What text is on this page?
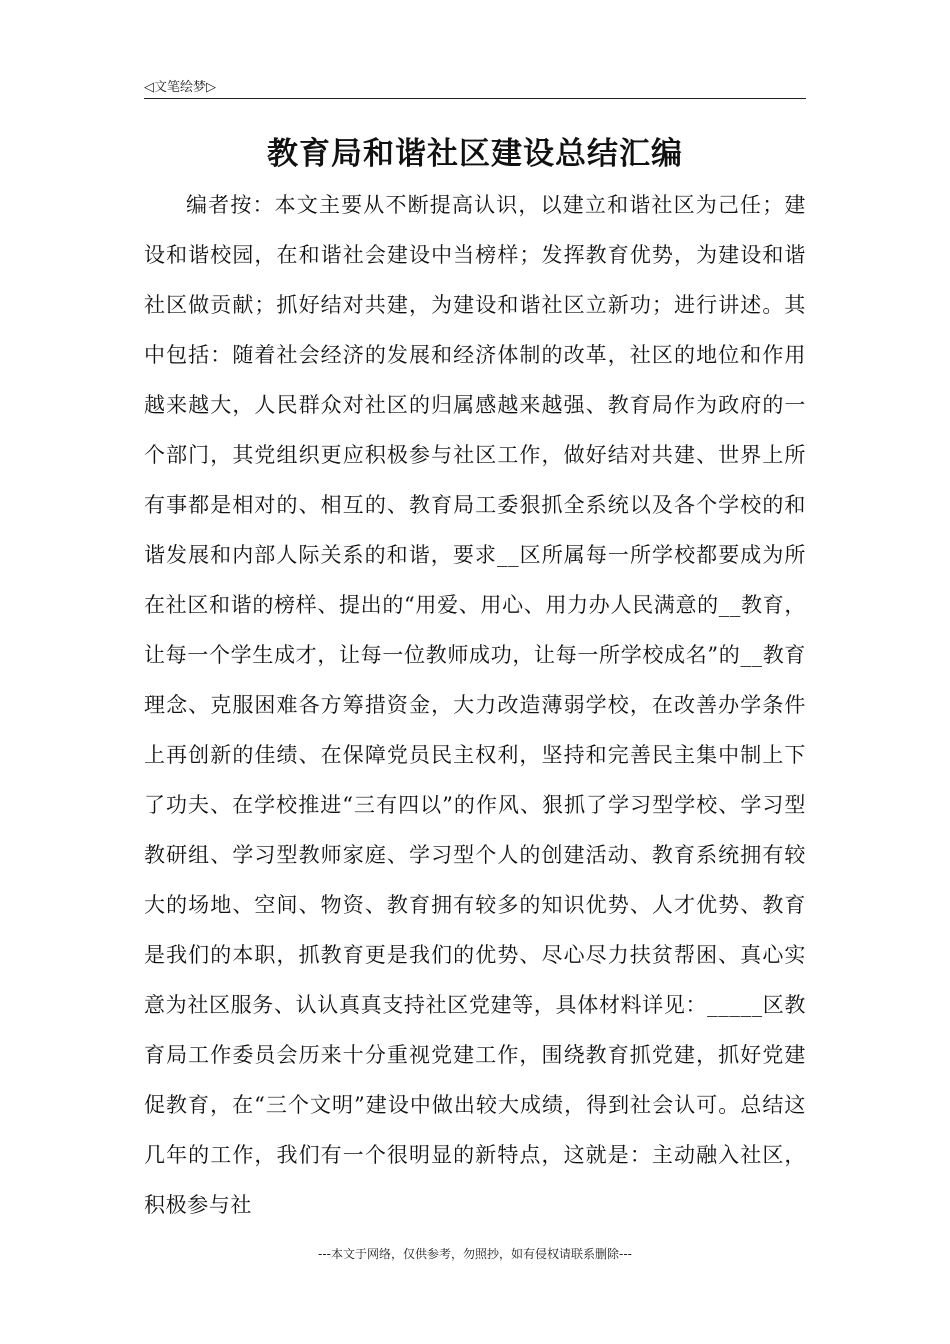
◁文笔绘梦▷
教育局和谐社区建设总结汇编

编者按：本文主要从不断提高认识，以建立和谐社区为己任；建设和谐校园，在和谐社会建设中当榜样；发挥教育优势，为建设和谐社区做贡献；抓好结对共建，为建设和谐社区立新功；进行讲述。其中包括：随着社会经济的发展和经济体制的改革，社区的地位和作用越来越大，人民群众对社区的归属感越来越强、教育局作为政府的一个部门，其党组织更应积极参与社区工作，做好结对共建、世界上所有事都是相对的、相互的、教育局工委狠抓全系统以及各个学校的和谐发展和内部人际关系的和谐，要求__区所属每一所学校都要成为所在社区和谐的榜样、提出的“用爱、用心、用力办人民满意的__教育，让每一个学生成才，让每一位教师成功，让每一所学校成名”的__教育理念、克服困难各方筹措资金，大力改造薄弱学校，在改善办学条件上再创新的佳绩、在保障党员民主权利，坚持和完善民主集中制上下了功夫、在学校推进“三有四以”的作风、狠抓了学习型学校、学习型教研组、学习型教师家庭、学习型个人的创建活动、教育系统拥有较大的场地、空间、物资、教育拥有较多的知识优势、人才优势、教育是我们的本职，抓教育更是我们的优势、尽心尽力扶贫帮困、真心实意为社区服务、认认真真支持社区党建等，具体材料详见：_____区教育局工作委员会历来十分重视党建工作，围绕教育抓党建，抓好党建促教育，在“三个文明”建设中做出较大成绩，得到社会认可。总结这几年的工作，我们有一个很明显的新特点，这就是：主动融入社区，积极参与社

---本文于网络，仅供参考，勿照抄，如有侵权请联系删除---
